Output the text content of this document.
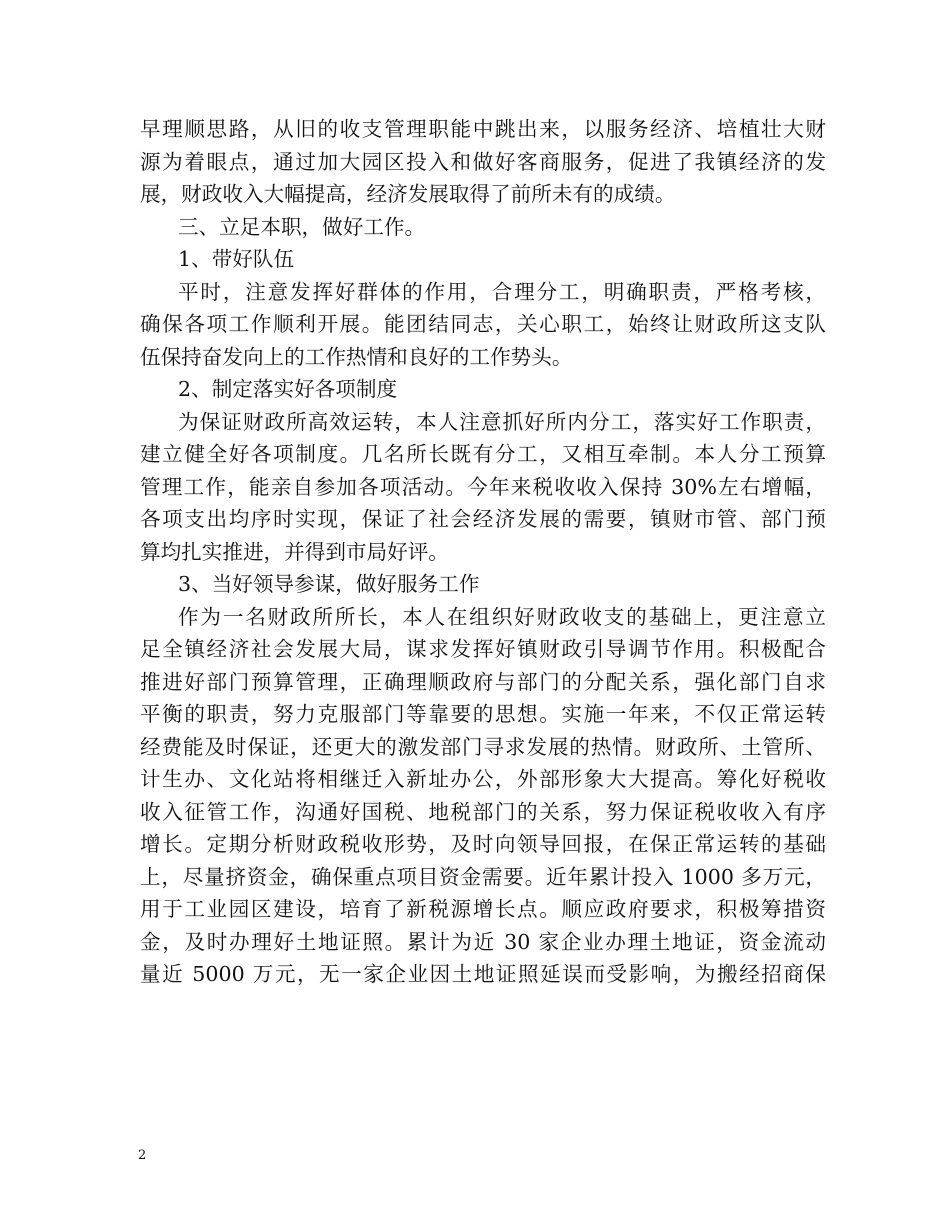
早理顺思路，从旧的收支管理职能中跳出来，以服务经济、培植壮大财
源为着眼点，通过加大园区投入和做好客商服务，促进了我镇经济的发
展，财政收入大幅提高，经济发展取得了前所未有的成绩。
三、立足本职，做好工作。
1、带好队伍
平时，注意发挥好群体的作用，合理分工，明确职责，严格考核，
确保各项工作顺利开展。能团结同志，关心职工，始终让财政所这支队
伍保持奋发向上的工作热情和良好的工作势头。
2、制定落实好各项制度
为保证财政所高效运转，本人注意抓好所内分工，落实好工作职责，
建立健全好各项制度。几名所长既有分工，又相互牵制。本人分工预算
管理工作，能亲自参加各项活动。今年来税收收入保持 30%左右增幅，
各项支出均序时实现，保证了社会经济发展的需要，镇财市管、部门预
算均扎实推进，并得到市局好评。
3、当好领导参谋，做好服务工作
作为一名财政所所长，本人在组织好财政收支的基础上，更注意立
足全镇经济社会发展大局，谋求发挥好镇财政引导调节作用。积极配合
推进好部门预算管理，正确理顺政府与部门的分配关系，强化部门自求
平衡的职责，努力克服部门等靠要的思想。实施一年来，不仅正常运转
经费能及时保证，还更大的激发部门寻求发展的热情。财政所、土管所、
计生办、文化站将相继迁入新址办公，外部形象大大提高。筹化好税收
收入征管工作，沟通好国税、地税部门的关系，努力保证税收收入有序
增长。定期分析财政税收形势，及时向领导回报，在保正常运转的基础
上，尽量挤资金，确保重点项目资金需要。近年累计投入 1000 多万元，
用于工业园区建设，培育了新税源增长点。顺应政府要求，积极筹措资
金，及时办理好土地证照。累计为近 30 家企业办理土地证，资金流动
量近 5000 万元，无一家企业因土地证照延误而受影响，为搬经招商保
2
